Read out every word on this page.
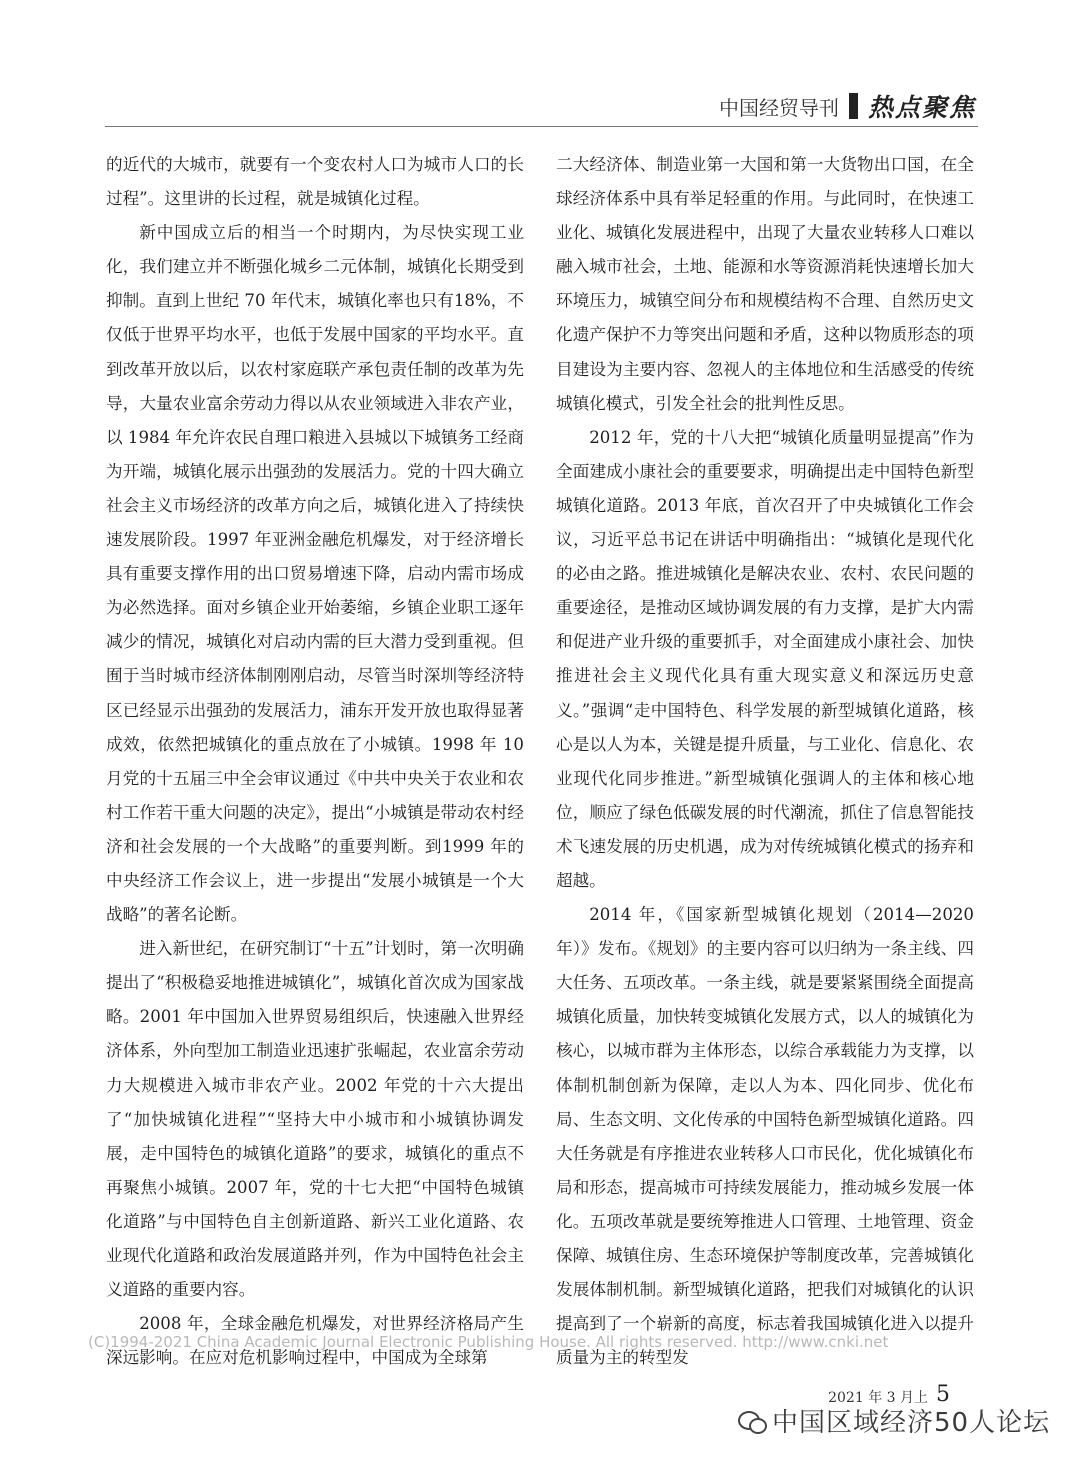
中国经贸导刊 热点聚焦

的近代的大城市，就要有一个变农村人口为城市人口的长过程”。这里讲的长过程，就是城镇化过程。

新中国成立后的相当一个时期内，为尽快实现工业化，我们建立并不断强化城乡二元体制，城镇化长期受到抑制。直到上世纪 70 年代末，城镇化率也只有18%，不仅低于世界平均水平，也低于发展中国家的平均水平。直到改革开放以后，以农村家庭联产承包责任制的改革为先导，大量农业富余劳动力得以从农业领域进入非农产业，以 1984 年允许农民自理口粮进入县城以下城镇务工经商为开端，城镇化展示出强劲的发展活力。党的十四大确立社会主义市场经济的改革方向之后，城镇化进入了持续快速发展阶段。1997 年亚洲金融危机爆发，对于经济增长具有重要支撑作用的出口贸易增速下降，启动内需市场成为必然选择。面对乡镇企业开始萎缩，乡镇企业职工逐年减少的情况，城镇化对启动内需的巨大潜力受到重视。但囿于当时城市经济体制刚刚启动，尽管当时深圳等经济特区已经显示出强劲的发展活力，浦东开发开放也取得显著成效，依然把城镇化的重点放在了小城镇。1998 年 10 月党的十五届三中全会审议通过《中共中央关于农业和农村工作若干重大问题的决定》，提出“小城镇是带动农村经济和社会发展的一个大战略”的重要判断。到1999 年的中央经济工作会议上，进一步提出“发展小城镇是一个大战略”的著名论断。

进入新世纪，在研究制订“十五”计划时，第一次明确提出了“积极稳妥地推进城镇化”，城镇化首次成为国家战略。2001 年中国加入世界贸易组织后，快速融入世界经济体系，外向型加工制造业迅速扩张崛起，农业富余劳动力大规模进入城市非农产业。2002 年党的十六大提出了“加快城镇化进程”“坚持大中小城市和小城镇协调发展，走中国特色的城镇化道路”的要求，城镇化的重点不再聚焦小城镇。2007 年，党的十七大把“中国特色城镇化道路”与中国特色自主创新道路、新兴工业化道路、农业现代化道路和政治发展道路并列，作为中国特色社会主义道路的重要内容。

2008 年，全球金融危机爆发，对世界经济格局产生深远影响。在应对危机影响过程中，中国成为全球第

二大经济体、制造业第一大国和第一大货物出口国，在全球经济体系中具有举足轻重的作用。与此同时，在快速工业化、城镇化发展进程中，出现了大量农业转移人口难以融入城市社会，土地、能源和水等资源消耗快速增长加大环境压力，城镇空间分布和规模结构不合理、自然历史文化遗产保护不力等突出问题和矛盾，这种以物质形态的项目建设为主要内容、忽视人的主体地位和生活感受的传统城镇化模式，引发全社会的批判性反思。

2012 年，党的十八大把“城镇化质量明显提高”作为全面建成小康社会的重要要求，明确提出走中国特色新型城镇化道路。2013 年底，首次召开了中央城镇化工作会议，习近平总书记在讲话中明确指出：“城镇化是现代化的必由之路。推进城镇化是解决农业、农村、农民问题的重要途径，是推动区域协调发展的有力支撑，是扩大内需和促进产业升级的重要抓手，对全面建成小康社会、加快推进社会主义现代化具有重大现实意义和深远历史意义。”强调“走中国特色、科学发展的新型城镇化道路，核心是以人为本，关键是提升质量，与工业化、信息化、农业现代化同步推进。”新型城镇化强调人的主体和核心地位，顺应了绿色低碳发展的时代潮流，抓住了信息智能技术飞速发展的历史机遇，成为对传统城镇化模式的扬弃和超越。

2014 年，《国家新型城镇化规划（2014—2020 年）》发布。《规划》的主要内容可以归纳为一条主线、四大任务、五项改革。一条主线，就是要紧紧围绕全面提高城镇化质量，加快转变城镇化发展方式，以人的城镇化为核心，以城市群为主体形态，以综合承载能力为支撑，以体制机制创新为保障，走以人为本、四化同步、优化布局、生态文明、文化传承的中国特色新型城镇化道路。四大任务就是有序推进农业转移人口市民化，优化城镇化布局和形态，提高城市可持续发展能力，推动城乡发展一体化。五项改革就是要统筹推进人口管理、土地管理、资金保障、城镇住房、生态环境保护等制度改革，完善城镇化发展体制机制。新型城镇化道路，把我们对城镇化的认识提高到了一个崭新的高度，标志着我国城镇化进入以提升质量为主的转型发

(C)1994-2021 China Academic Journal Electronic Publishing House. All rights reserved. http://www.cnki.net
2021 年 3 月上 5
中国区域经济50人论坛
